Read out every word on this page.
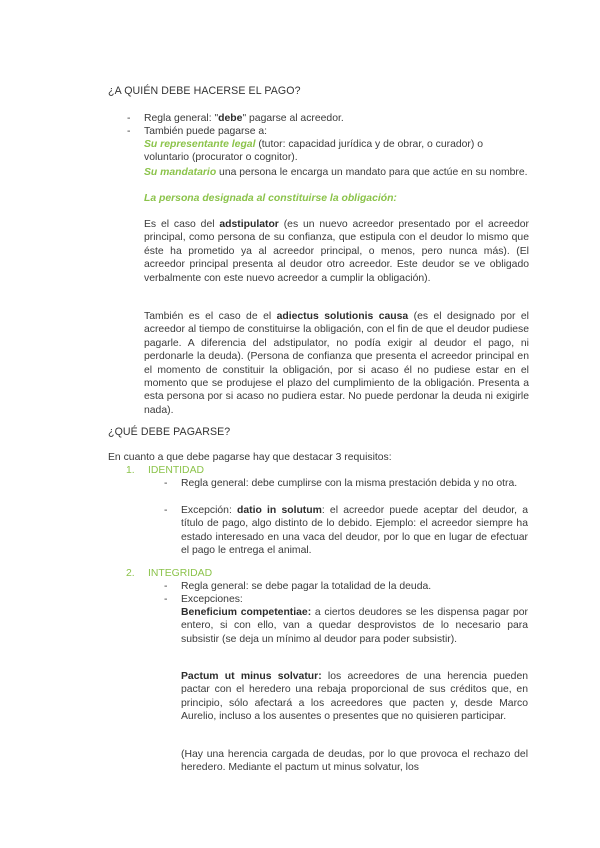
¿A QUIÉN DEBE HACERSE EL PAGO?
- Regla general: "debe" pagarse al acreedor.

- También puede pagarse a:

Su representante legal (tutor: capacidad jurídica y de obrar, o curador) o voluntario (procurator o cognitor).

Su mandatario una persona le encarga un mandato para que actúe en su nombre.

La persona designada al constituirse la obligación:

Es el caso del adstipulator (es un nuevo acreedor presentado por el acreedor principal, como persona de su confianza, que estipula con el deudor lo mismo que éste ha prometido ya al acreedor principal, o menos, pero nunca más). (El acreedor principal presenta al deudor otro acreedor. Este deudor se ve obligado verbalmente con este nuevo acreedor a cumplir la obligación).

También es el caso de el adiectus solutionis causa (es el designado por el acreedor al tiempo de constituirse la obligación, con el fin de que el deudor pudiese pagarle. A diferencia del adstipulator, no podía exigir al deudor el pago, ni perdonarle la deuda). (Persona de confianza que presenta el acreedor principal en el momento de constituir la obligación, por si acaso él no pudiese estar en el momento que se produjese el plazo del cumplimiento de la obligación. Presenta a esta persona por si acaso no pudiera estar. No puede perdonar la deuda ni exigirle nada).

¿QUÉ DEBE PAGARSE?

En cuanto a que debe pagarse hay que destacar 3 requisitos:

1. IDENTIDAD
- Regla general: debe cumplirse con la misma prestación debida y no otra.

- Excepción: datio in solutum: el acreedor puede aceptar del deudor, a título de pago, algo distinto de lo debido. Ejemplo: el acreedor siempre ha estado interesado en una vaca del deudor, por lo que en lugar de efectuar el pago le entrega el animal.

2. INTEGRIDAD
- Regla general: se debe pagar la totalidad de la deuda.

- Excepciones:

Beneficium competentiae: a ciertos deudores se les dispensa pagar por entero, si con ello, van a quedar desprovistos de lo necesario para subsistir (se deja un mínimo al deudor para poder subsistir).

Pactum ut minus solvatur: los acreedores de una herencia pueden pactar con el heredero una rebaja proporcional de sus créditos que, en principio, sólo afectará a los acreedores que pacten y, desde Marco Aurelio, incluso a los ausentes o presentes que no quisieren participar.

(Hay una herencia cargada de deudas, por lo que provoca el rechazo del heredero. Mediante el pactum ut minus solvatur, los
